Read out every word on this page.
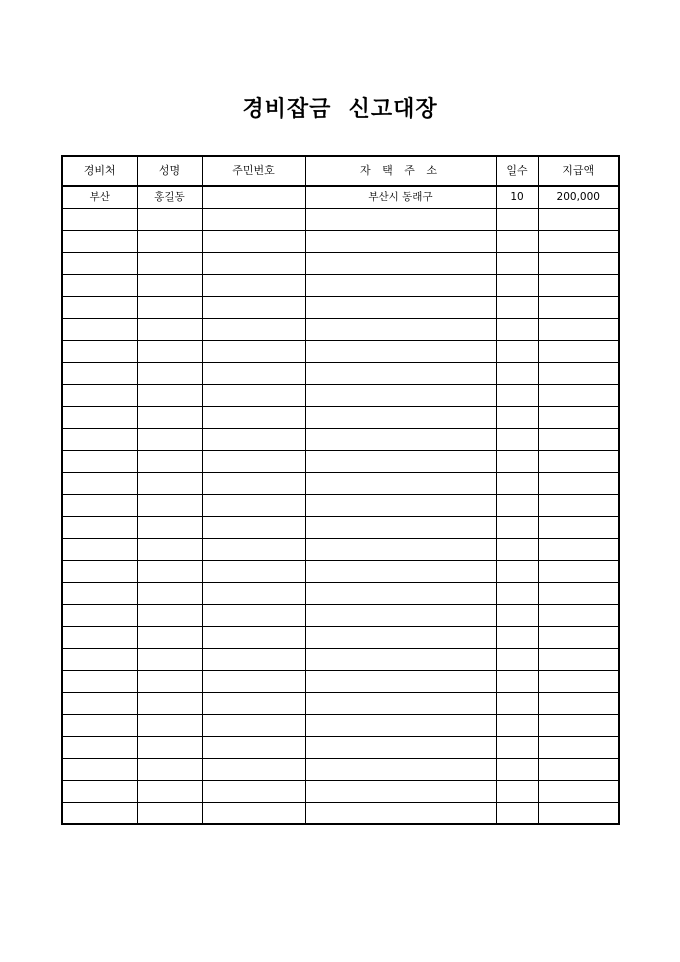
경비잡금  신고대장
경비처	성명	주민번호	자 택 주 소	일수	지급액
부산	홍길동		부산시 동래구	10	200,000
